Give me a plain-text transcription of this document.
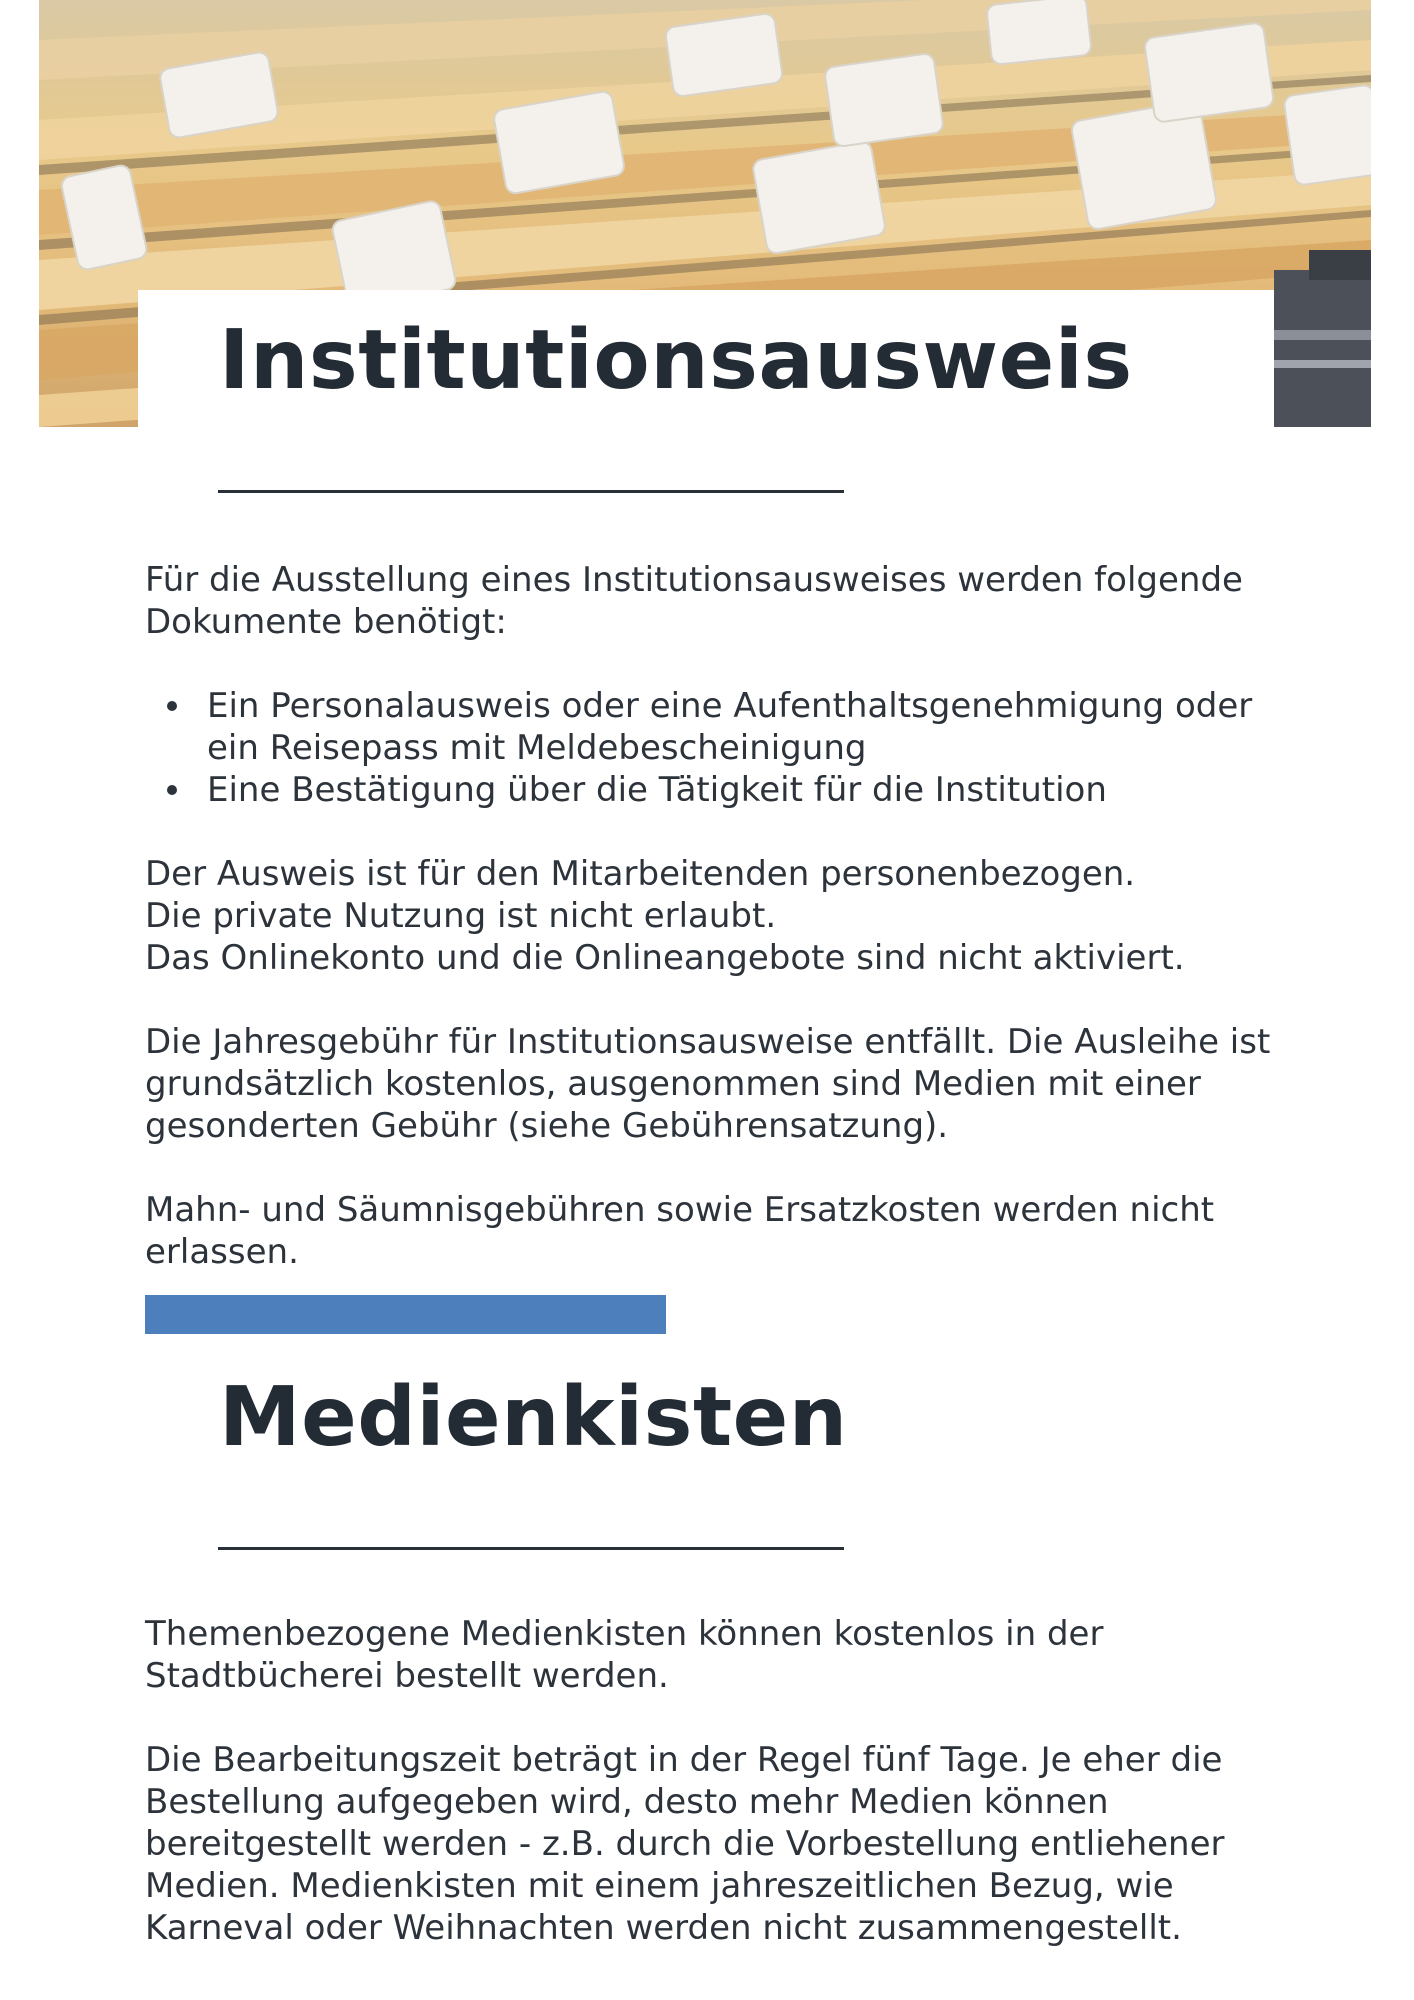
Institutionsausweis

Für die Ausstellung eines Institutionsausweises werden folgende Dokumente benötigt:

Ein Personalausweis oder eine Aufenthaltsgenehmigung oder ein Reisepass mit Meldebescheinigung
Eine Bestätigung über die Tätigkeit für die Institution

Der Ausweis ist für den Mitarbeitenden personenbezogen.

Die private Nutzung ist nicht erlaubt.

Das Onlinekonto und die Onlineangebote sind nicht aktiviert.

Die Jahresgebühr für Institutionsausweise entfällt. Die Ausleihe ist grundsätzlich kostenlos, ausgenommen sind Medien mit einer gesonderten Gebühr (siehe Gebührensatzung).

Mahn- und Säumnisgebühren sowie Ersatzkosten werden nicht erlassen.

Medienkisten

Themenbezogene Medienkisten können kostenlos in der Stadtbücherei bestellt werden.

Die Bearbeitungszeit beträgt in der Regel fünf Tage. Je eher die Bestellung aufgegeben wird, desto mehr Medien können bereitgestellt werden - z.B. durch die Vorbestellung entliehener Medien. Medienkisten mit einem jahreszeitlichen Bezug, wie Karneval oder Weihnachten werden nicht zusammengestellt.
